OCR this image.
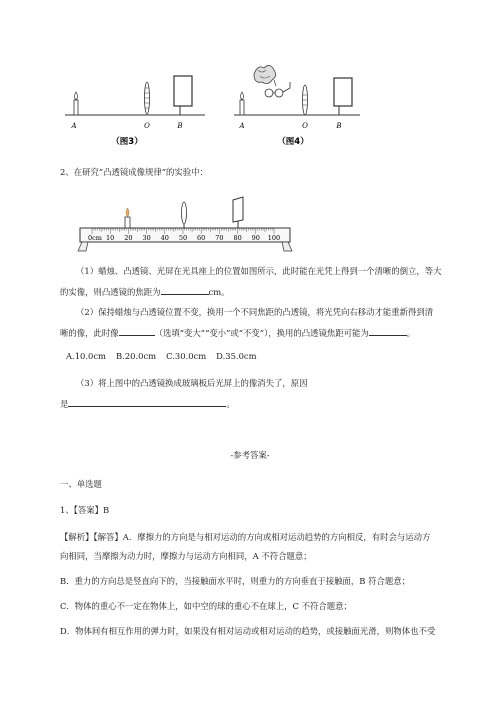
A	O	B
（图3）
A	O	B
（图4）
2、在研究”凸透镜成像规律”的实验中：
0cm 10 20 30 40 50 60 70 80 90 100
（1）蜡烛、凸透镜、光屏在光具座上的位置如图所示，此时能在光凭上得到一个清晰的倒立，等大
的实像，则凸透镜的焦距为	cm。
（2）保持蜡烛与凸透镜位置不变，换用一个不同焦距的凸透镜，将光凭向右移动才能重新得到清
晰的像，此时像	（选填“变大”“变小”或“不变”），换用的凸透镜焦距可能为	。
A.10.0cm B.20.0cm C.30.0cm D.35.0cm
（3）将上图中的凸透镜换成玻璃板后光屏上的像消失了，原因
是	。
-参考答案-
一、单选题
1、【答案】B
【解析】【解答】A．摩擦力的方向是与相对运动的方向或相对运动趋势的方向相反，有时会与运动方
向相同，当摩擦为动力时，摩擦力与运动方向相同，A 不符合题意；
B．重力的方向总是竖直向下的，当接触面水平时，则重力的方向垂直于接触面，B 符合题意；
C．物体的重心不一定在物体上，如中空的球的重心不在球上，C 不符合题意；
D．物体间有相互作用的弹力时，如果没有相对运动或相对运动的趋势，或接触面光滑，则物体也不受
